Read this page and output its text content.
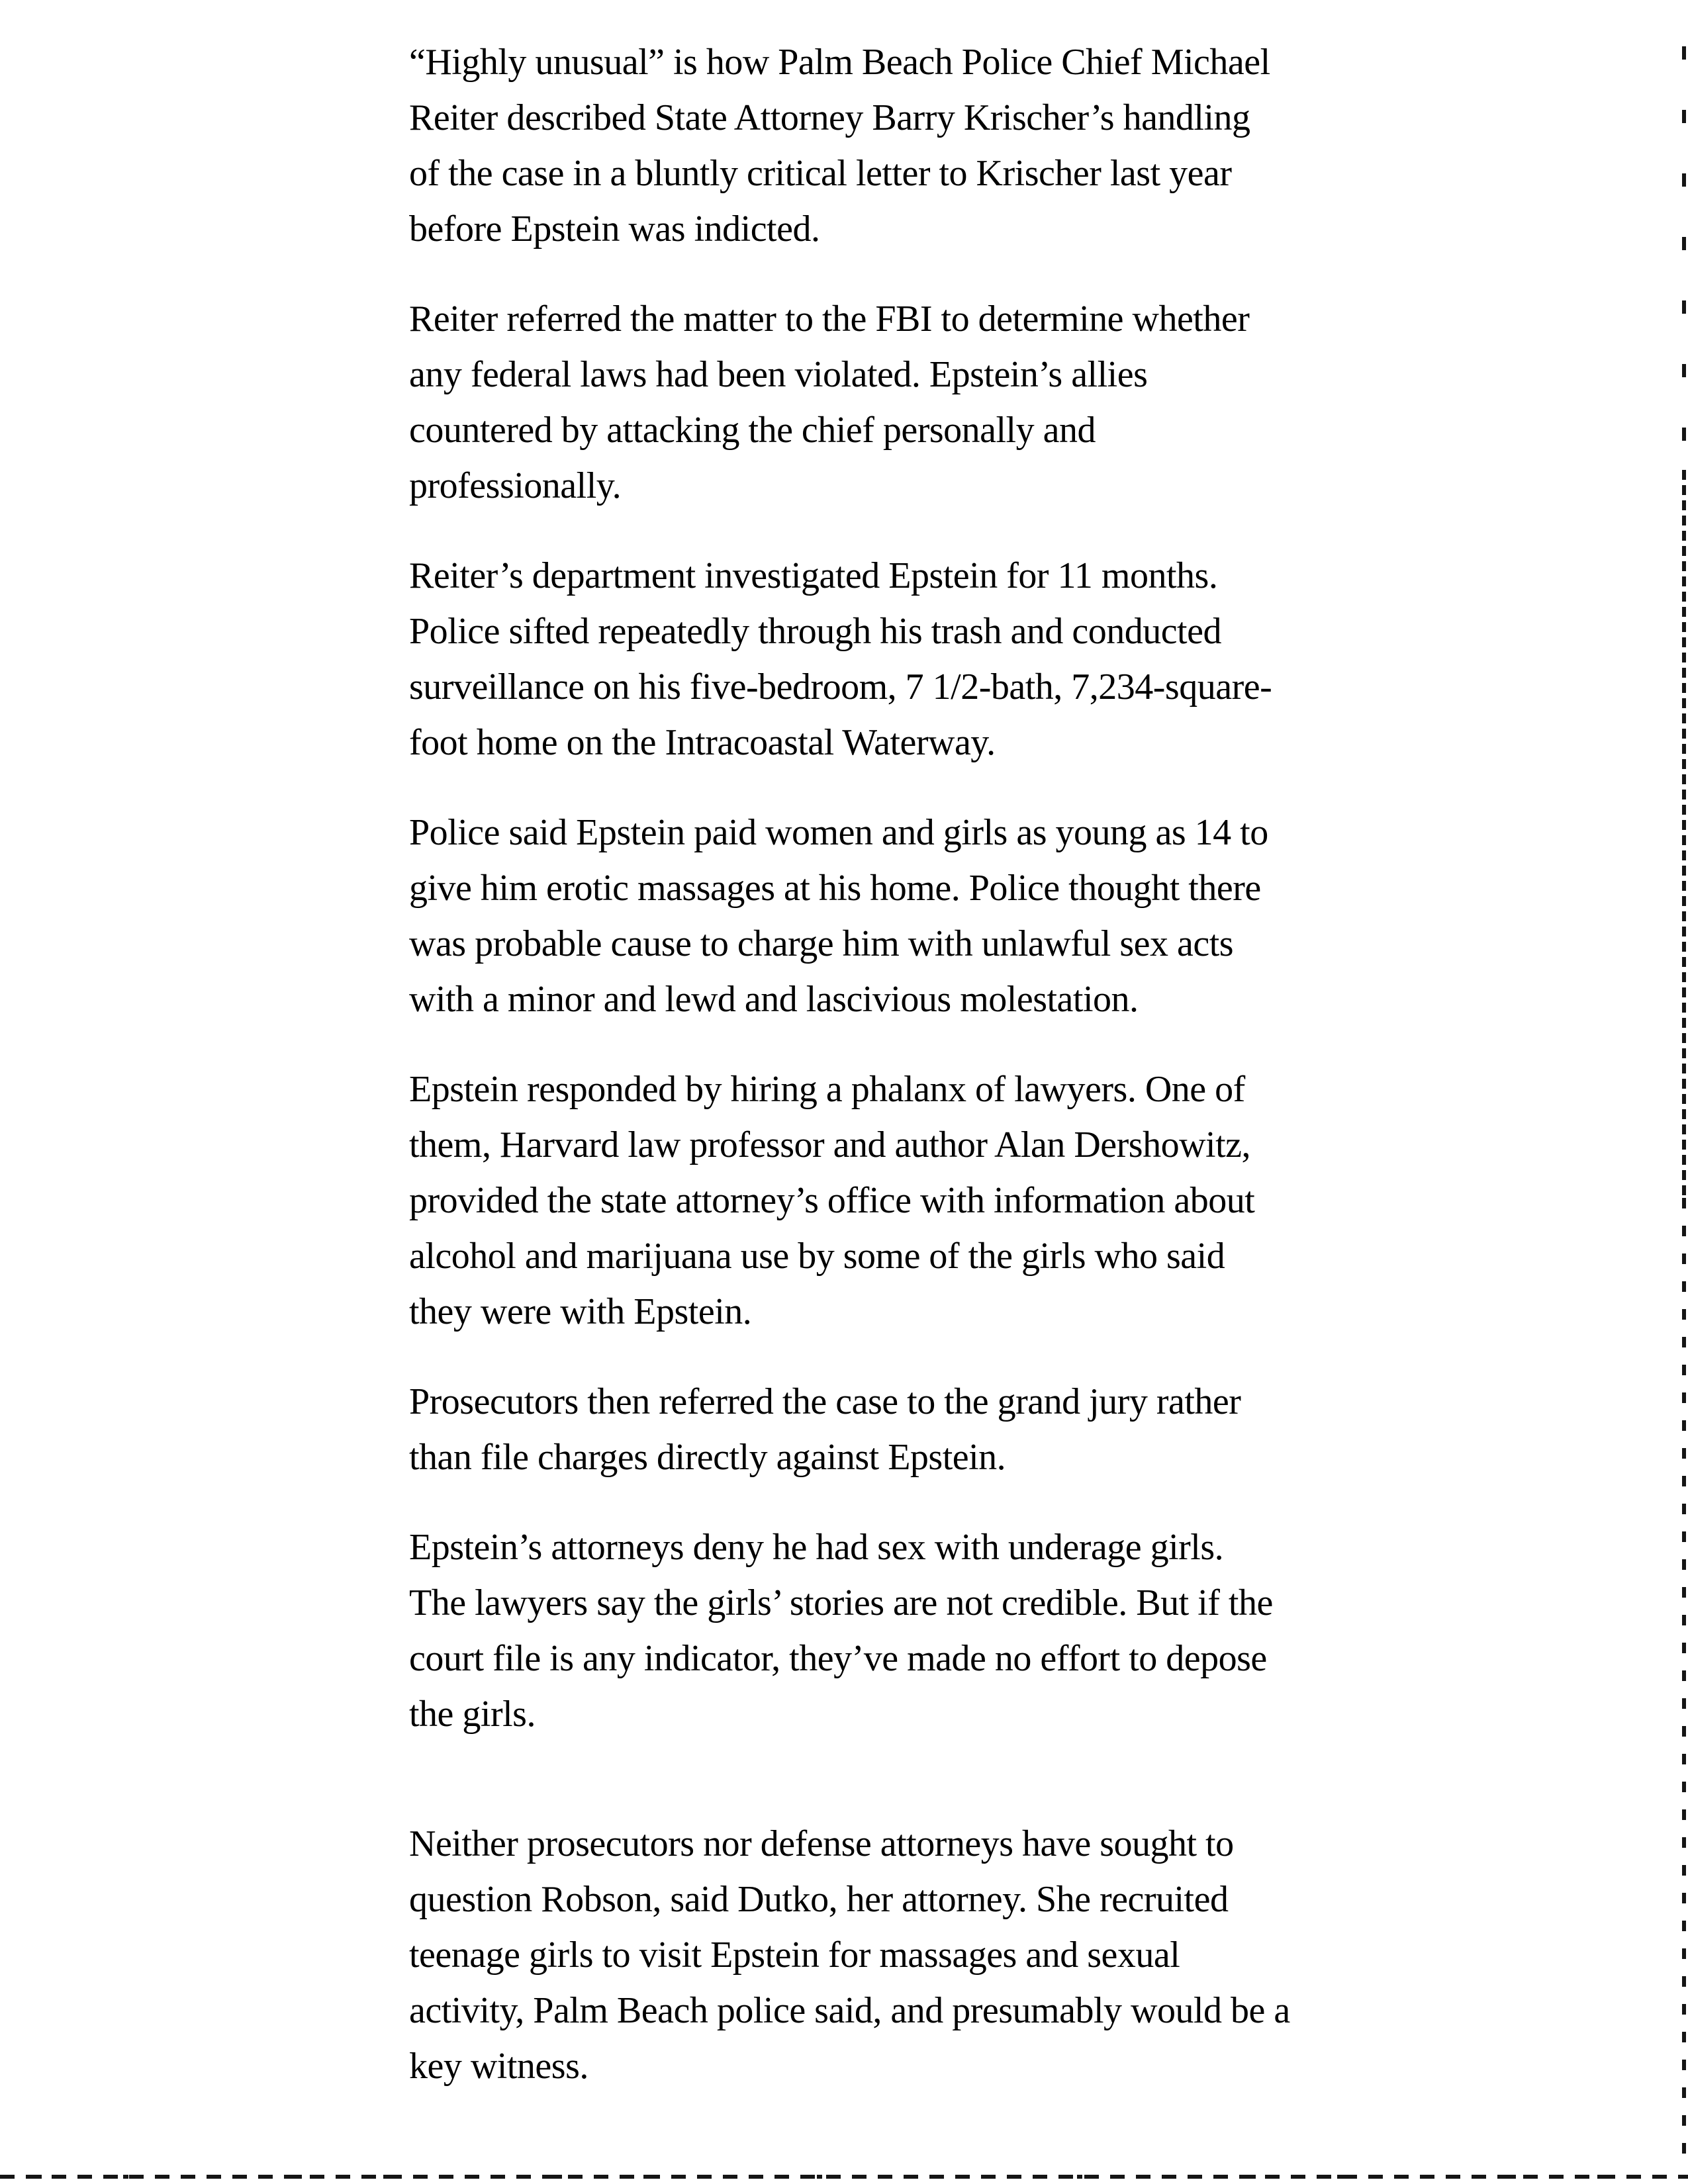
“Highly unusual” is how Palm Beach Police Chief Michael
Reiter described State Attorney Barry Krischer’s handling
of the case in a bluntly critical letter to Krischer last year
before Epstein was indicted.

Reiter referred the matter to the FBI to determine whether
any federal laws had been violated. Epstein’s allies
countered by attacking the chief personally and
professionally.

Reiter’s department investigated Epstein for 11 months.
Police sifted repeatedly through his trash and conducted
surveillance on his five-bedroom, 7 1/2-bath, 7,234-square-
foot home on the Intracoastal Waterway.

Police said Epstein paid women and girls as young as 14 to
give him erotic massages at his home. Police thought there
was probable cause to charge him with unlawful sex acts
with a minor and lewd and lascivious molestation.

Epstein responded by hiring a phalanx of lawyers. One of
them, Harvard law professor and author Alan Dershowitz,
provided the state attorney’s office with information about
alcohol and marijuana use by some of the girls who said
they were with Epstein.

Prosecutors then referred the case to the grand jury rather
than file charges directly against Epstein.

Epstein’s attorneys deny he had sex with underage girls.
The lawyers say the girls’ stories are not credible. But if the
court file is any indicator, they’ve made no effort to depose
the girls.

Neither prosecutors nor defense attorneys have sought to
question Robson, said Dutko, her attorney. She recruited
teenage girls to visit Epstein for massages and sexual
activity, Palm Beach police said, and presumably would be a
key witness.
